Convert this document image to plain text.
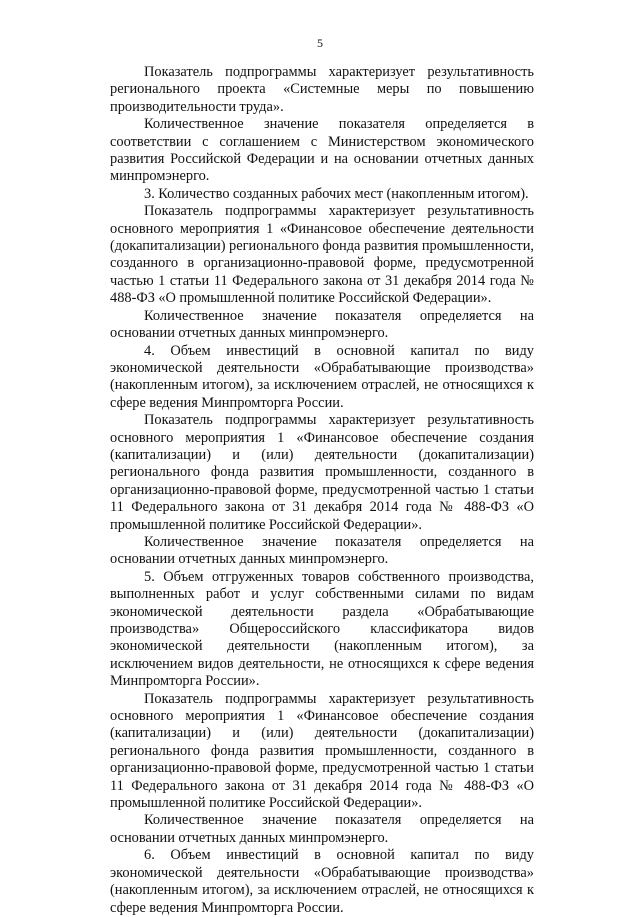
5

Показатель подпрограммы характеризует результативность регионального проекта «Системные меры по повышению производительности труда».

Количественное значение показателя определяется в соответствии с соглашением с Министерством экономического развития Российской Федерации и на основании отчетных данных минпромэнерго.

3. Количество созданных рабочих мест (накопленным итогом).

Показатель подпрограммы характеризует результативность основного мероприятия 1 «Финансовое обеспечение деятельности (докапитализации) регионального фонда развития промышленности, созданного в организационно-правовой форме, предусмотренной частью 1 статьи 11 Федерального закона от 31 декабря 2014 года № 488-ФЗ «О промышленной политике Российской Федерации».

Количественное значение показателя определяется на основании отчетных данных минпромэнерго.

4. Объем инвестиций в основной капитал по виду экономической деятельности «Обрабатывающие производства» (накопленным итогом), за исключением отраслей, не относящихся к сфере ведения Минпромторга России.

Показатель подпрограммы характеризует результативность основного мероприятия 1 «Финансовое обеспечение создания (капитализации) и (или) деятельности (докапитализации) регионального фонда развития промышленности, созданного в организационно-правовой форме, предусмотренной частью 1 статьи 11 Федерального закона от 31 декабря 2014 года № 488-ФЗ «О промышленной политике Российской Федерации».

Количественное значение показателя определяется на основании отчетных данных минпромэнерго.

5. Объем отгруженных товаров собственного производства, выполненных работ и услуг собственными силами по видам экономической деятельности раздела «Обрабатывающие производства» Общероссийского классификатора видов экономической деятельности (накопленным итогом), за исключением видов деятельности, не относящихся к сфере ведения Минпромторга России».

Показатель подпрограммы характеризует результативность основного мероприятия 1 «Финансовое обеспечение создания (капитализации) и (или) деятельности (докапитализации) регионального фонда развития промышленности, созданного в организационно-правовой форме, предусмотренной частью 1 статьи 11 Федерального закона от 31 декабря 2014 года № 488-ФЗ «О промышленной политике Российской Федерации».

Количественное значение показателя определяется на основании отчетных данных минпромэнерго.

6. Объем инвестиций в основной капитал по виду экономической деятельности «Обрабатывающие производства» (накопленным итогом), за исключением отраслей, не относящихся к сфере ведения Минпромторга России.
